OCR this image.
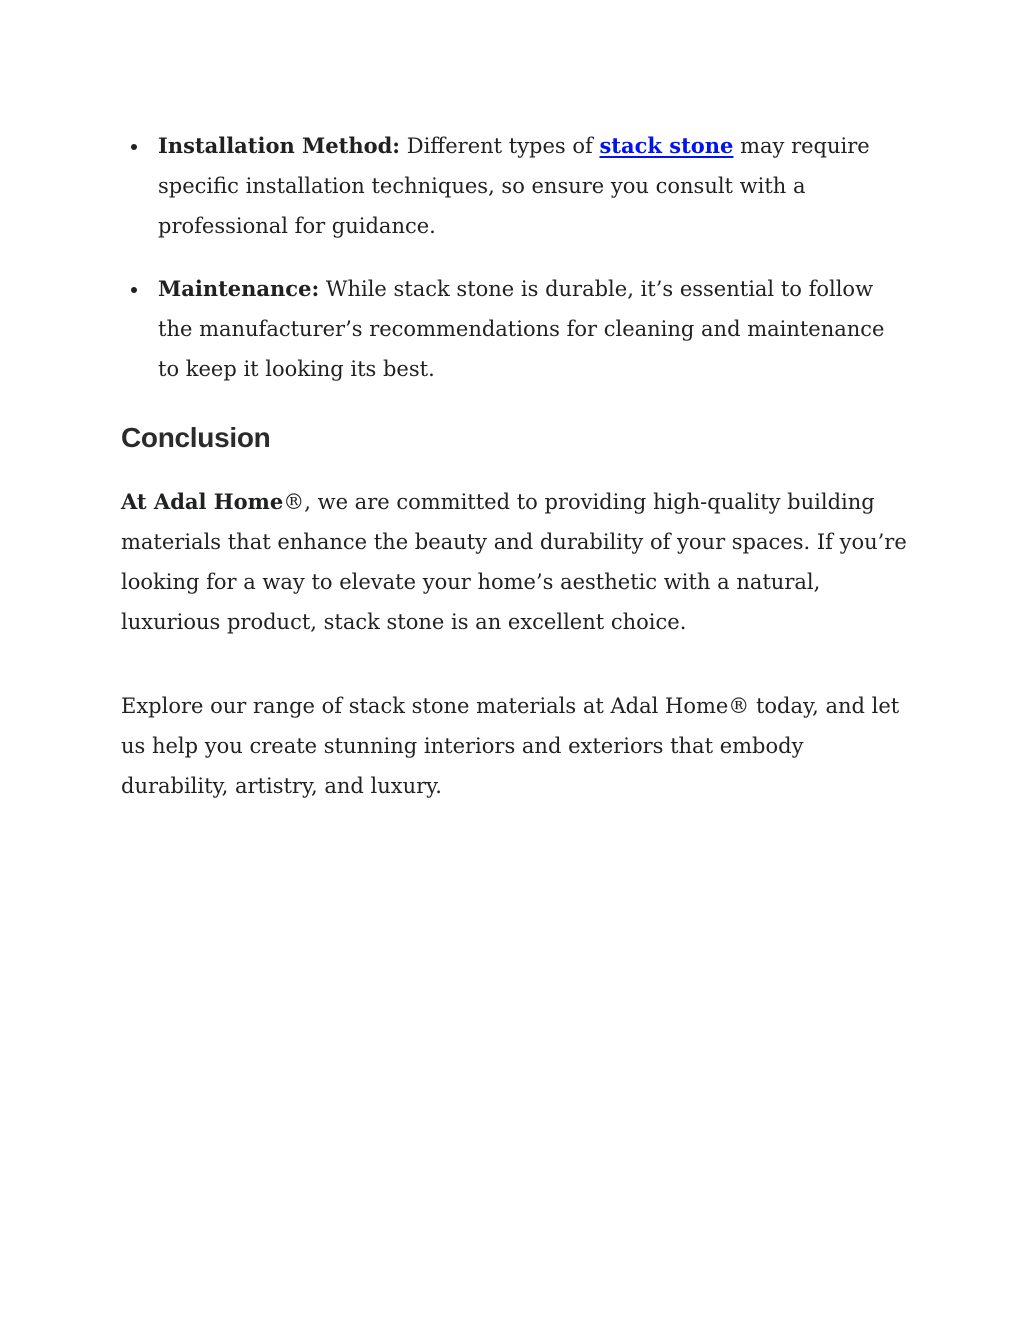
Installation Method: Different types of stack stone may require specific installation techniques, so ensure you consult with a professional for guidance.
Maintenance: While stack stone is durable, it’s essential to follow the manufacturer’s recommendations for cleaning and maintenance to keep it looking its best.
Conclusion

At Adal Home®, we are committed to providing high-quality building materials that enhance the beauty and durability of your spaces. If you’re looking for a way to elevate your home’s aesthetic with a natural, luxurious product, stack stone is an excellent choice.

Explore our range of stack stone materials at Adal Home® today, and let us help you create stunning interiors and exteriors that embody durability, artistry, and luxury.
